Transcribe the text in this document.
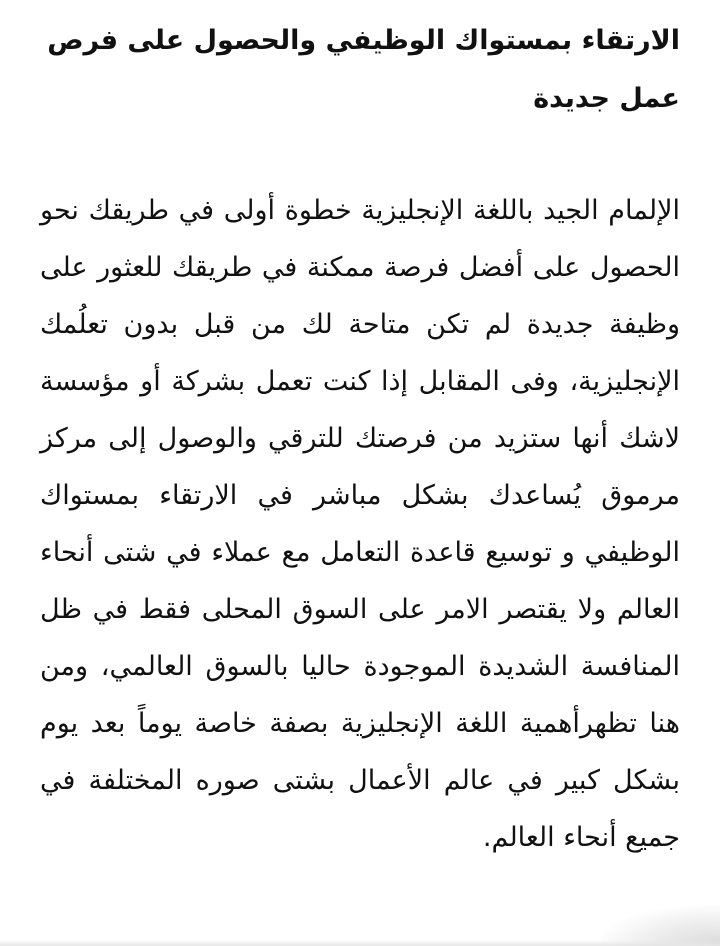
الارتقاء بمستواك الوظيفي والحصول على فرص عمل جديدة

الإلمام الجيد باللغة الإنجليزية خطوة أولى في طريقك نحو الحصول على أفضل فرصة ممكنة في طريقك للعثور على وظيفة جديدة لم تكن متاحة لك من قبل بدون تعلُمك الإنجليزية، وفى المقابل إذا كنت تعمل بشركة أو مؤسسة لاشك أنها ستزيد من فرصتك للترقي والوصول إلى مركز مرموق يُساعدك بشكل مباشر في الارتقاء بمستواك الوظيفي و توسيع قاعدة التعامل مع عملاء في شتى أنحاء العالم ولا يقتصر الامر على السوق المحلى فقط في ظل المنافسة الشديدة الموجودة حاليا بالسوق العالمي، ومن هنا تظهرأهمية اللغة الإنجليزية بصفة خاصة يوماً بعد يوم بشكل كبير في عالم الأعمال بشتى صوره المختلفة في جميع أنحاء العالم.
